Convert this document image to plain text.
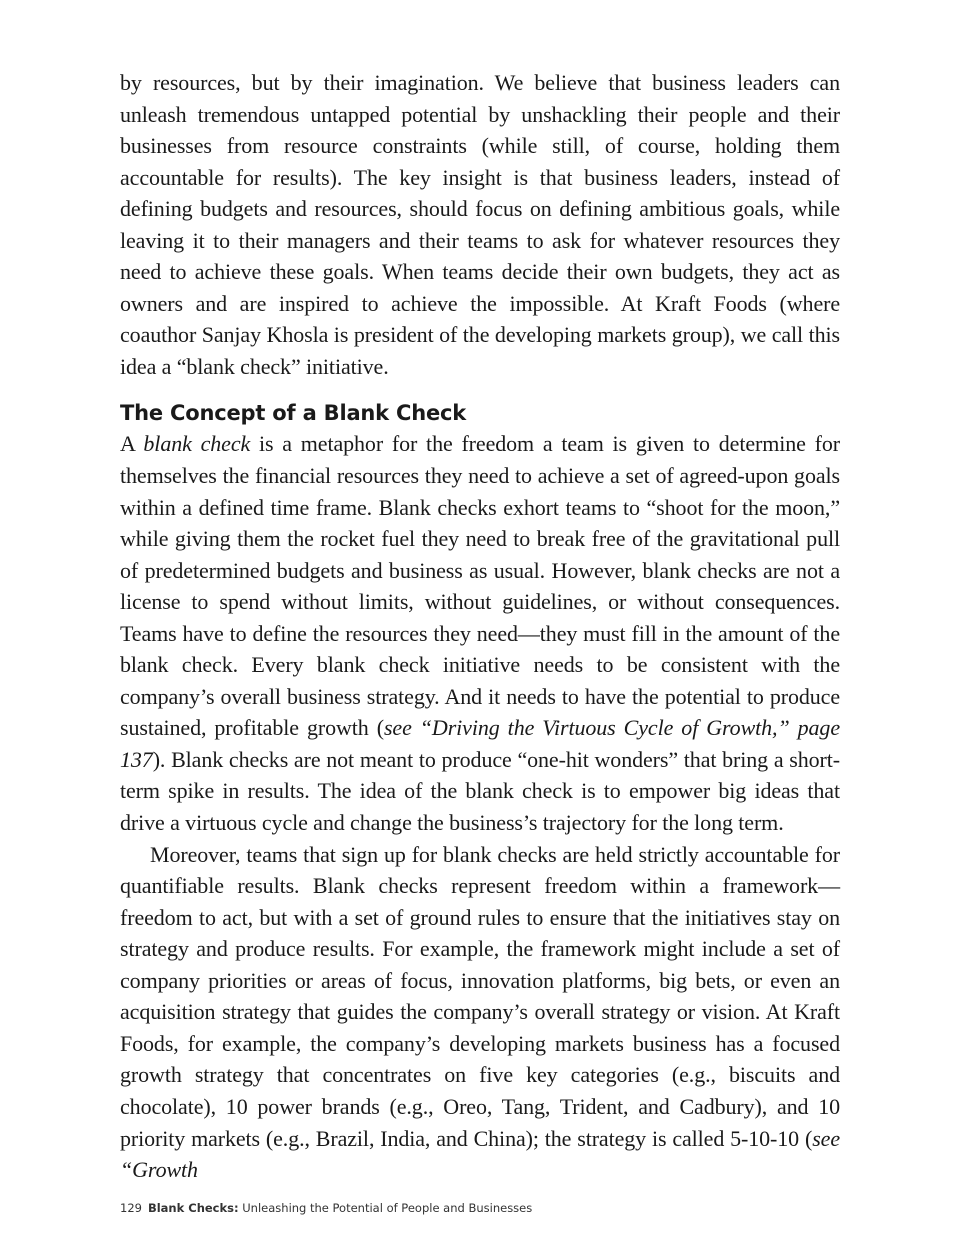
by resources, but by their imagination. We believe that business leaders can unleash tremendous untapped potential by unshackling their people and their businesses from resource constraints (while still, of course, holding them accountable for results). The key insight is that business leaders, instead of defining budgets and resources, should focus on defining ambitious goals, while leaving it to their managers and their teams to ask for whatever resources they need to achieve these goals. When teams decide their own budgets, they act as owners and are inspired to achieve the impossible. At Kraft Foods (where coauthor Sanjay Khosla is president of the developing markets group), we call this idea a “blank check” initiative.

The Concept of a Blank Check

A blank check is a metaphor for the freedom a team is given to determine for themselves the financial resources they need to achieve a set of agreed-upon goals within a defined time frame. Blank checks exhort teams to “shoot for the moon,” while giving them the rocket fuel they need to break free of the gravitational pull of predetermined budgets and business as usual. However, blank checks are not a license to spend without limits, without guidelines, or without consequences. Teams have to define the resources they need—they must fill in the amount of the blank check. Every blank check initiative needs to be consistent with the company’s overall business strategy. And it needs to have the potential to produce sustained, profitable growth (see “Driving the Virtuous Cycle of Growth,” page 137). Blank checks are not meant to produce “one-hit wonders” that bring a short-term spike in results. The idea of the blank check is to empower big ideas that drive a virtuous cycle and change the business’s trajectory for the long term.

Moreover, teams that sign up for blank checks are held strictly accountable for quantifiable results. Blank checks represent freedom within a framework—freedom to act, but with a set of ground rules to ensure that the initiatives stay on strategy and produce results. For example, the framework might include a set of company priorities or areas of focus, innovation platforms, big bets, or even an acquisition strategy that guides the company’s overall strategy or vision. At Kraft Foods, for example, the company’s developing markets business has a focused growth strategy that concentrates on five key categories (e.g., biscuits and chocolate), 10 power brands (e.g., Oreo, Tang, Trident, and Cadbury), and 10 priority markets (e.g., Brazil, India, and China); the strategy is called 5-10-10 (see “Growth

129 Blank Checks: Unleashing the Potential of People and Businesses
